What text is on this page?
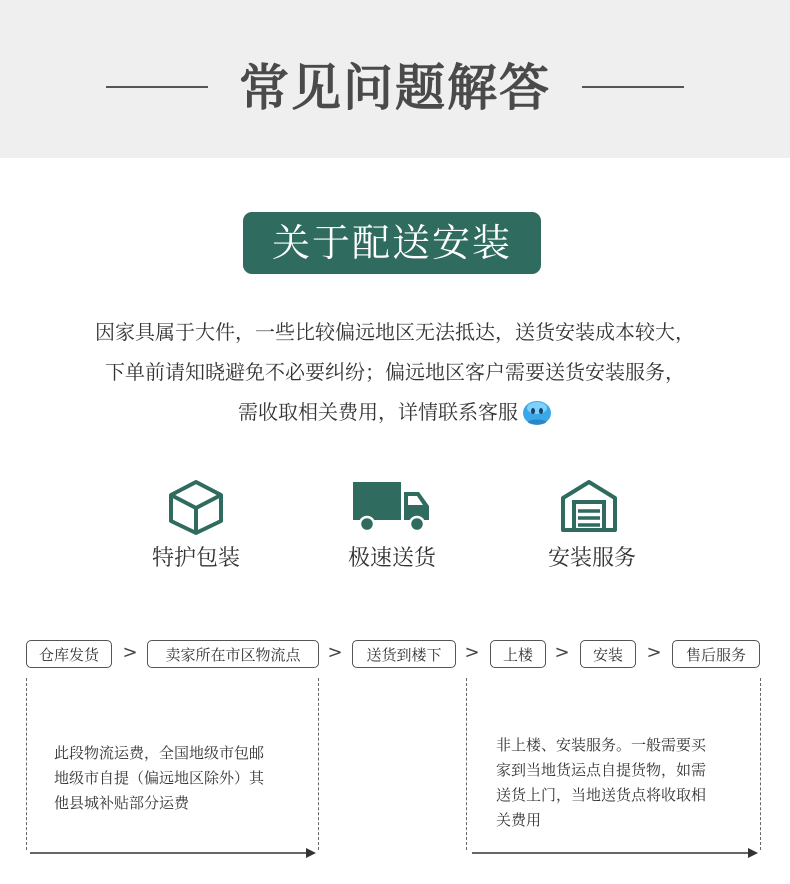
常见问题解答
关于配送安装
因家具属于大件，一些比较偏远地区无法抵达，送货安装成本较大，
下单前请知晓避免不必要纠纷；偏远地区客户需要送货安装服务，
需收取相关费用，详情联系客服
特护包装	极速送货	安装服务
仓库发货	>	卖家所在市区物流点	>	送货到楼下	>	上楼	>	安装	>	售后服务
此段物流运费，全国地级市包邮
地级市自提（偏远地区除外）其
他县城补贴部分运费
非上楼、安装服务。一般需要买
家到当地货运点自提货物，如需
送货上门，当地送货点将收取相
关费用
